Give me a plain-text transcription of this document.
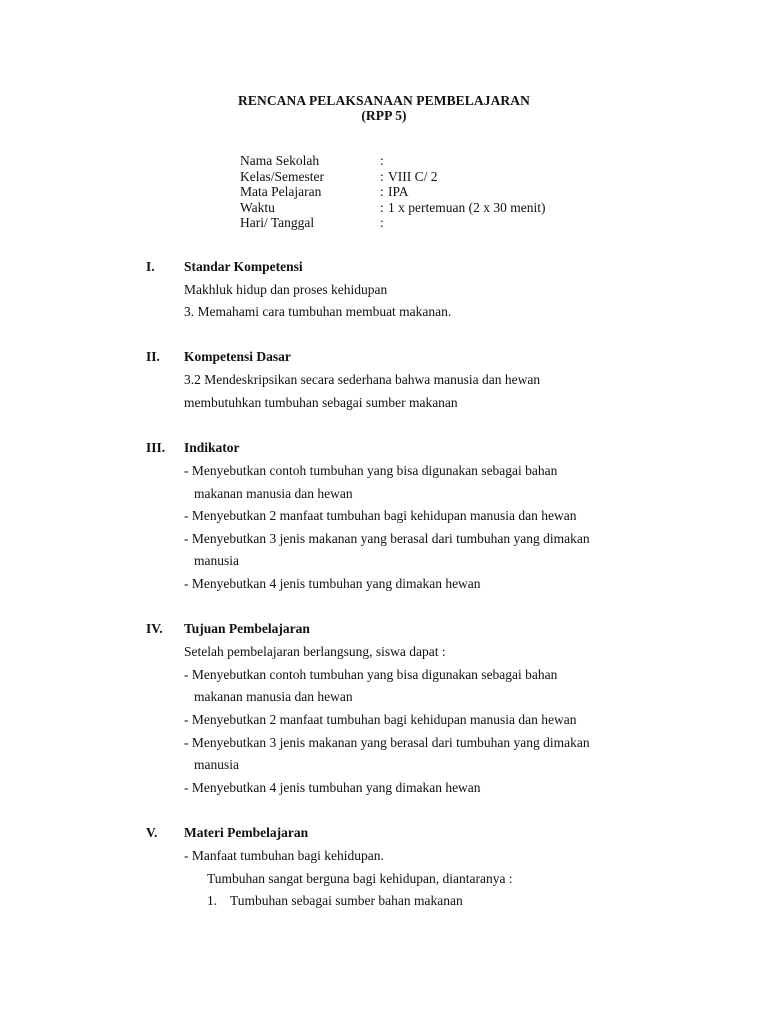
RENCANA PELAKSANAAN PEMBELAJARAN
(RPP 5)
Nama Sekolah	:
Kelas/Semester	: VIII C/ 2
Mata Pelajaran	: IPA
Waktu	: 1 x pertemuan (2 x 30 menit)
Hari/ Tanggal	:
I. Standar Kompetensi
Makhluk hidup dan proses kehidupan
3. Memahami cara tumbuhan membuat makanan.
II. Kompetensi Dasar
3.2 Mendeskripsikan secara sederhana bahwa manusia dan hewan
membutuhkan tumbuhan sebagai sumber makanan
III. Indikator
- Menyebutkan contoh tumbuhan yang bisa digunakan sebagai bahan
makanan manusia dan hewan
- Menyebutkan 2 manfaat tumbuhan bagi kehidupan manusia dan hewan
- Menyebutkan 3 jenis makanan yang berasal dari tumbuhan yang dimakan
manusia
- Menyebutkan 4 jenis tumbuhan yang dimakan hewan
IV. Tujuan Pembelajaran
Setelah pembelajaran berlangsung, siswa dapat :
- Menyebutkan contoh tumbuhan yang bisa digunakan sebagai bahan
makanan manusia dan hewan
- Menyebutkan 2 manfaat tumbuhan bagi kehidupan manusia dan hewan
- Menyebutkan 3 jenis makanan yang berasal dari tumbuhan yang dimakan
manusia
- Menyebutkan 4 jenis tumbuhan yang dimakan hewan
V. Materi Pembelajaran
- Manfaat tumbuhan bagi kehidupan.
Tumbuhan sangat berguna bagi kehidupan, diantaranya :
1. Tumbuhan sebagai sumber bahan makanan
